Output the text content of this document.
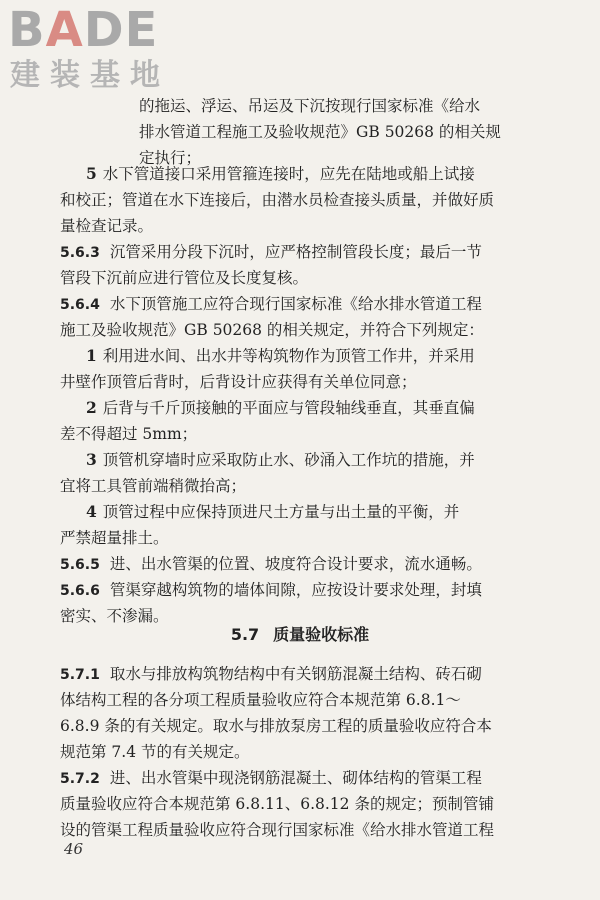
BADE
建装基地
的拖运、浮运、吊运及下沉按现行国家标准《给水
排水管道工程施工及验收规范》GB 50268 的相关规
定执行；
5 水下管道接口采用管箍连接时，应先在陆地或船上试接
和校正；管道在水下连接后，由潜水员检查接头质量，并做好质
量检查记录。
5.6.3 沉管采用分段下沉时，应严格控制管段长度；最后一节
管段下沉前应进行管位及长度复核。
5.6.4 水下顶管施工应符合现行国家标准《给水排水管道工程
施工及验收规范》GB 50268 的相关规定，并符合下列规定：
1 利用进水间、出水井等构筑物作为顶管工作井，并采用
井壁作顶管后背时，后背设计应获得有关单位同意；
2 后背与千斤顶接触的平面应与管段轴线垂直，其垂直偏
差不得超过 5mm；
3 顶管机穿墙时应采取防止水、砂涌入工作坑的措施，并
宜将工具管前端稍微抬高；
4 顶管过程中应保持顶进尺土方量与出土量的平衡，并
严禁超量排土。
5.6.5 进、出水管渠的位置、坡度符合设计要求，流水通畅。
5.6.6 管渠穿越构筑物的墙体间隙，应按设计要求处理，封填
密实、不渗漏。
5.7 质量验收标准
5.7.1 取水与排放构筑物结构中有关钢筋混凝土结构、砖石砌
体结构工程的各分项工程质量验收应符合本规范第 6.8.1～
6.8.9 条的有关规定。取水与排放泵房工程的质量验收应符合本
规范第 7.4 节的有关规定。
5.7.2 进、出水管渠中现浇钢筋混凝土、砌体结构的管渠工程
质量验收应符合本规范第 6.8.11、6.8.12 条的规定；预制管铺
设的管渠工程质量验收应符合现行国家标准《给水排水管道工程
46
